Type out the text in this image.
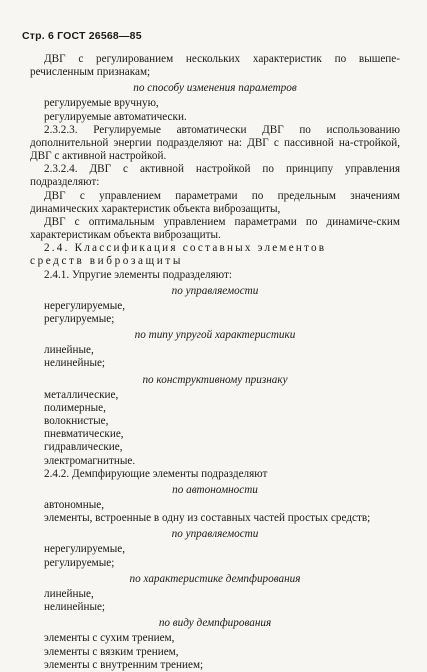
Стр. 6 ГОСТ 26568—85

ДВГ с регулированием нескольких характеристик по вышепе-речисленным признакам;

по способу изменения параметров

регулируемые вручную,

регулируемые автоматически.

2.3.2.3. Регулируемые автоматически ДВГ по использованию дополнительной энергии подразделяют на: ДВГ с пассивной на-стройкой, ДВГ с активной настройкой.

2.3.2.4. ДВГ с активной настройкой по принципу управления подразделяют:

ДВГ с управлением параметрами по предельным значениям динамических характеристик объекта виброзащиты,

ДВГ с оптимальным управлением параметрами по динамиче-ским характеристикам объекта виброзащиты.

2.4. Классификация составных элементов

средств виброзащиты

2.4.1. Упругие элементы подразделяют:

по управляемости

нерегулируемые,

регулируемые;

по типу упругой характеристики

линейные,

нелинейные;

по конструктивному признаку

металлические,

полимерные,

волокнистые,

пневматические,

гидравлические,

электромагнитные.

2.4.2. Демпфирующие элементы подразделяют

по автономности

автономные,

элементы, встроенные в одну из составных частей простых средств;

по управляемости

нерегулируемые,

регулируемые;

по характеристике демпфирования

линейные,

нелинейные;

по виду демпфирования

элементы с сухим трением,

элементы с вязким трением,

элементы с внутренним трением;
